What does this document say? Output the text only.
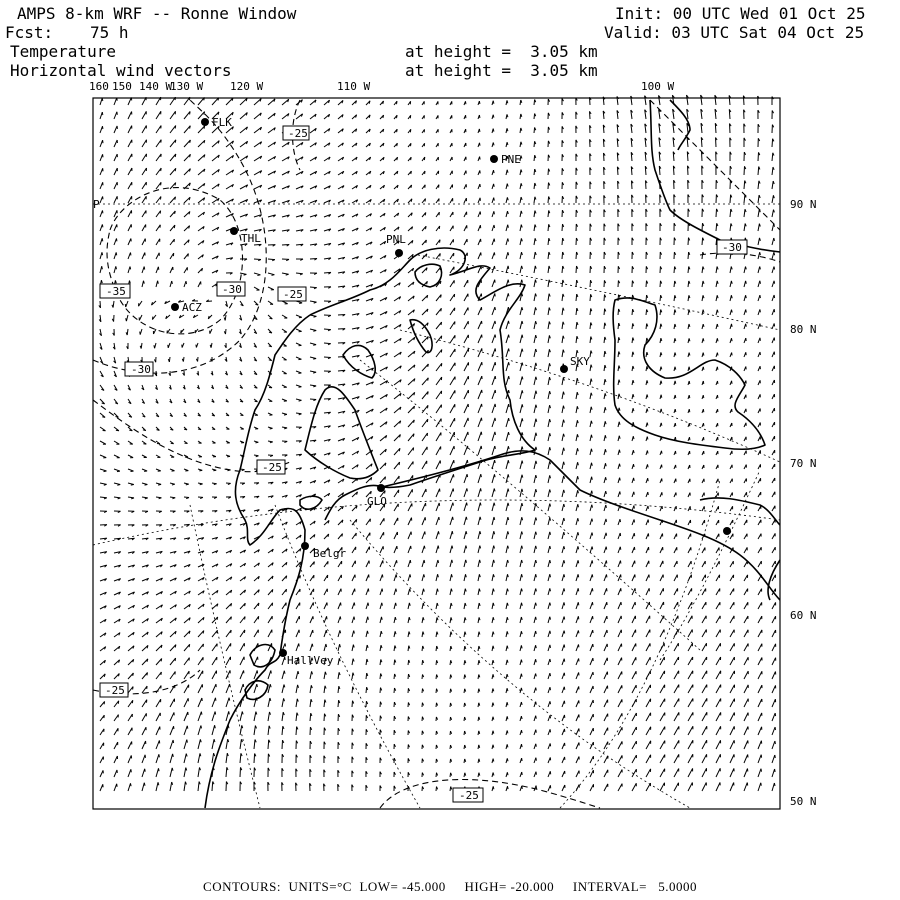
AMPS 8-km WRF -- Ronne Window
Fcst: 75 h
Temperature
Horizontal wind vectors
at height =  3.05 km
at height =  3.05 km
Init: 00 UTC Wed 01 Oct 25
Valid: 03 UTC Sat 04 Oct 25
-25
-35	-30	-25
-30
-25
-30
-25
-25
FLK
PNE
THL	PNL
ACZ
SKY
GLO
Belgr
HallVey
P
160 150 140 W
130 W 120 W	110 W	100 W
90 N
80 N
70 N
60 N
50 N
CONTOURS:  UNITS=°C  LOW= -45.000     HIGH= -20.000     INTERVAL=   5.0000
